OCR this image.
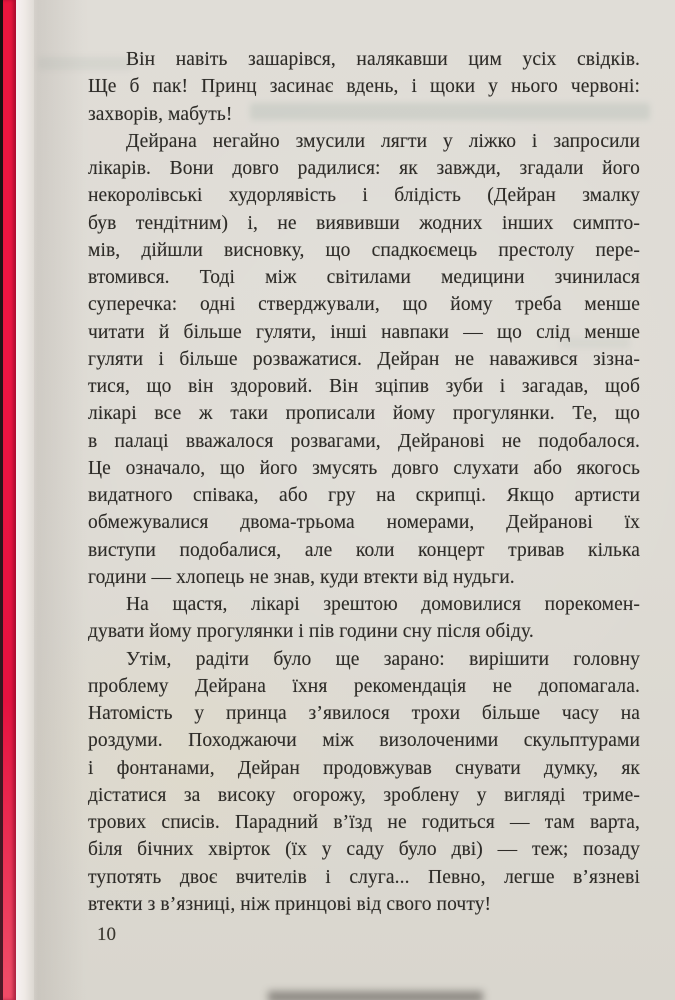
Він навіть зашарівся, налякавши цим усіх свідків.
Ще б пак! Принц засинає вдень, і щоки у нього червоні:
захворів, мабуть!
Дейрана негайно змусили лягти у ліжко і запросили
лікарів. Вони довго радилися: як завжди, згадали його
некоролівські худорлявість і блідість (Дейран змалку
був тендітним) і, не виявивши жодних інших симпто-
мів, дійшли висновку, що спадкоємець престолу пере-
втомився. Тоді між світилами медицини зчинилася
суперечка: одні стверджували, що йому треба менше
читати й більше гуляти, інші навпаки — що слід менше
гуляти і більше розважатися. Дейран не наважився зізна-
тися, що він здоровий. Він зціпив зуби і загадав, щоб
лікарі все ж таки прописали йому прогулянки. Те, що
в палаці вважалося розвагами, Дейранові не подобалося.
Це означало, що його змусять довго слухати або якогось
видатного співака, або гру на скрипці. Якщо артисти
обмежувалися двома-трьома номерами, Дейранові їх
виступи подобалися, але коли концерт тривав кілька
години — хлопець не знав, куди втекти від нудьги.
На щастя, лікарі зрештою домовилися порекомен-
дувати йому прогулянки і пів години сну після обіду.
Утім, радіти було ще зарано: вирішити головну
проблему Дейрана їхня рекомендація не допомагала.
Натомість у принца з’явилося трохи більше часу на
роздуми. Походжаючи між визолоченими скульптурами
і фонтанами, Дейран продовжував снувати думку, як
дістатися за високу огорожу, зроблену у вигляді триме-
трових списів. Парадний в’їзд не годиться — там варта,
біля бічних хвірток (їх у саду було дві) — теж; позаду
тупотять двоє вчителів і слуга... Певно, легше в’язневі
втекти з в’язниці, ніж принцові від свого почту!
10
